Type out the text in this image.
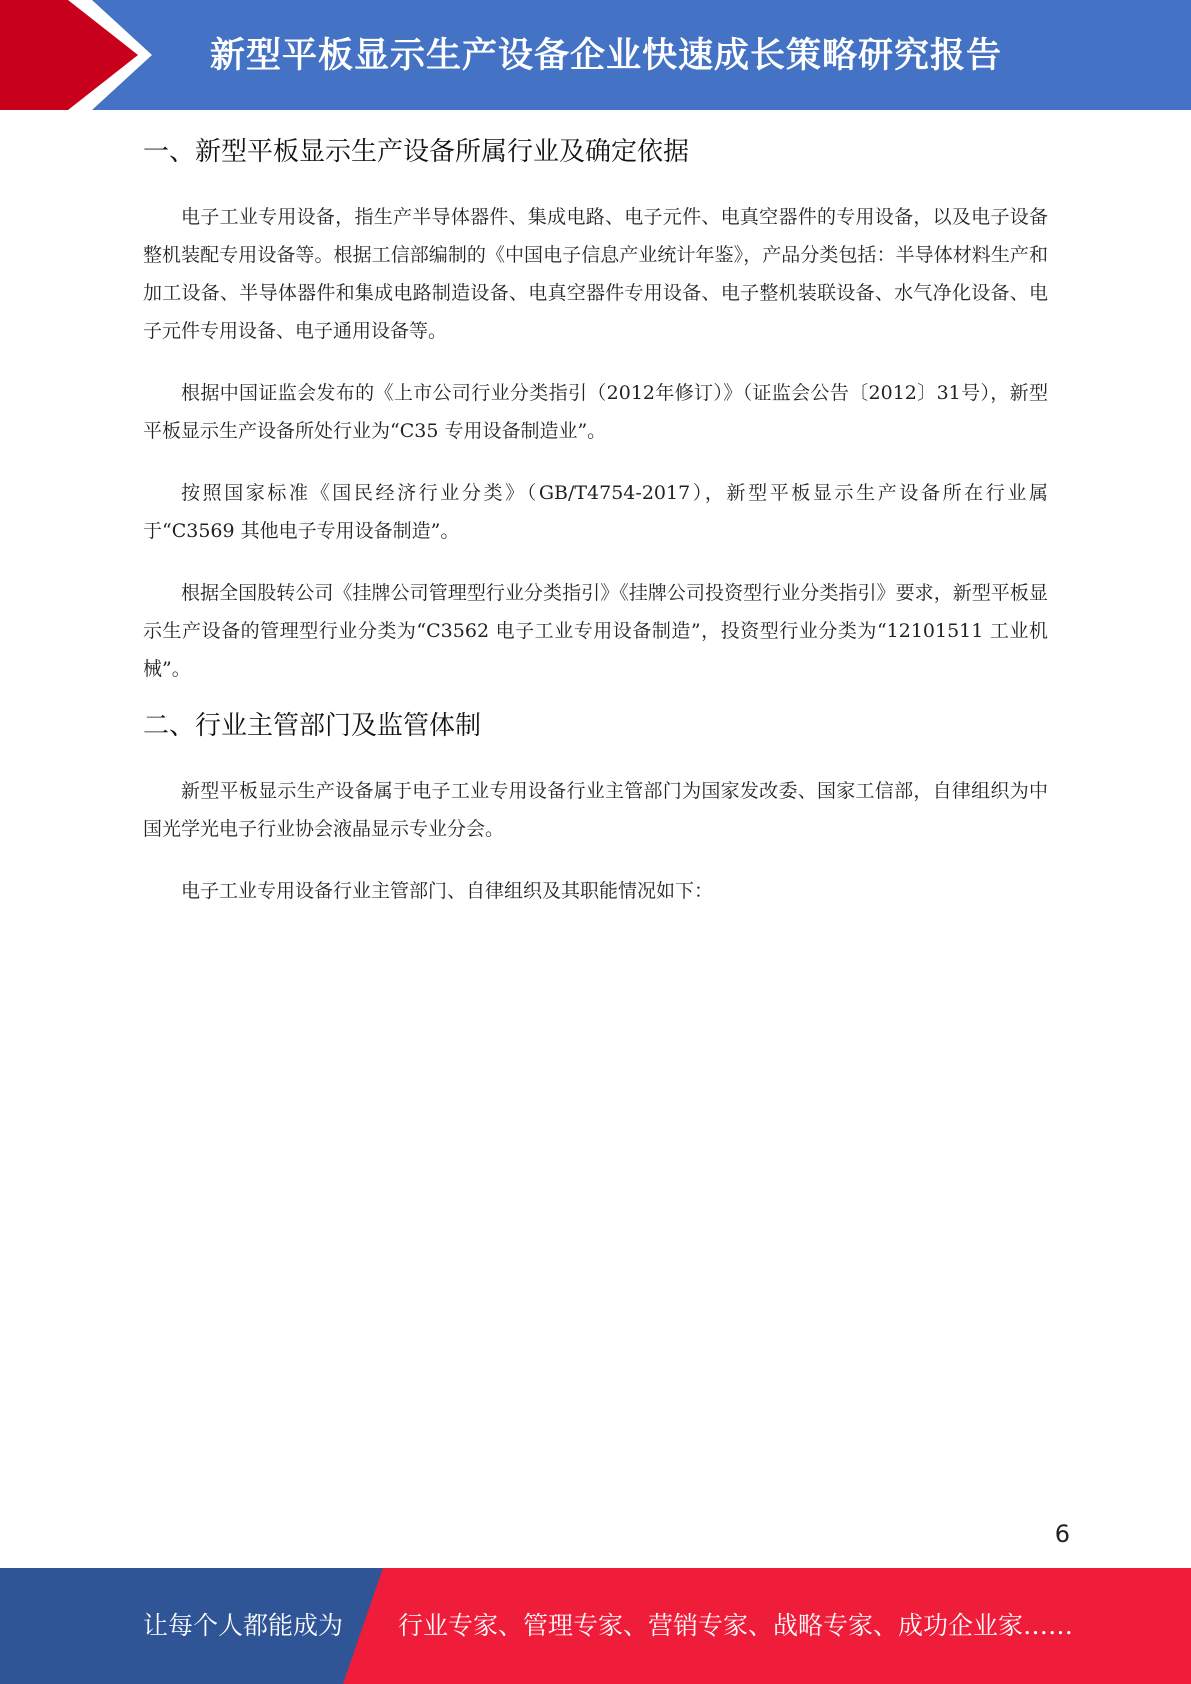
新型平板显示生产设备企业快速成长策略研究报告
一、新型平板显示生产设备所属行业及确定依据

电子工业专用设备，指生产半导体器件、集成电路、电子元件、电真空器件的专用设备，以及电子设备整机装配专用设备等。根据工信部编制的《中国电子信息产业统计年鉴》，产品分类包括：半导体材料生产和加工设备、半导体器件和集成电路制造设备、电真空器件专用设备、电子整机装联设备、水气净化设备、电子元件专用设备、电子通用设备等。

根据中国证监会发布的《上市公司行业分类指引（2012年修订）》（证监会公告〔2012〕31号），新型平板显示生产设备所处行业为“C35 专用设备制造业”。

按照国家标准《国民经济行业分类》（GB/T4754-2017），新型平板显示生产设备所在行业属于“C3569 其他电子专用设备制造”。

根据全国股转公司《挂牌公司管理型行业分类指引》《挂牌公司投资型行业分类指引》要求，新型平板显示生产设备的管理型行业分类为“C3562 电子工业专用设备制造”，投资型行业分类为“12101511 工业机械”。

二、行业主管部门及监管体制

新型平板显示生产设备属于电子工业专用设备行业主管部门为国家发改委、国家工信部，自律组织为中国光学光电子行业协会液晶显示专业分会。

电子工业专用设备行业主管部门、自律组织及其职能情况如下：

6
让每个人都能成为 行业专家、管理专家、营销专家、战略专家、成功企业家……
